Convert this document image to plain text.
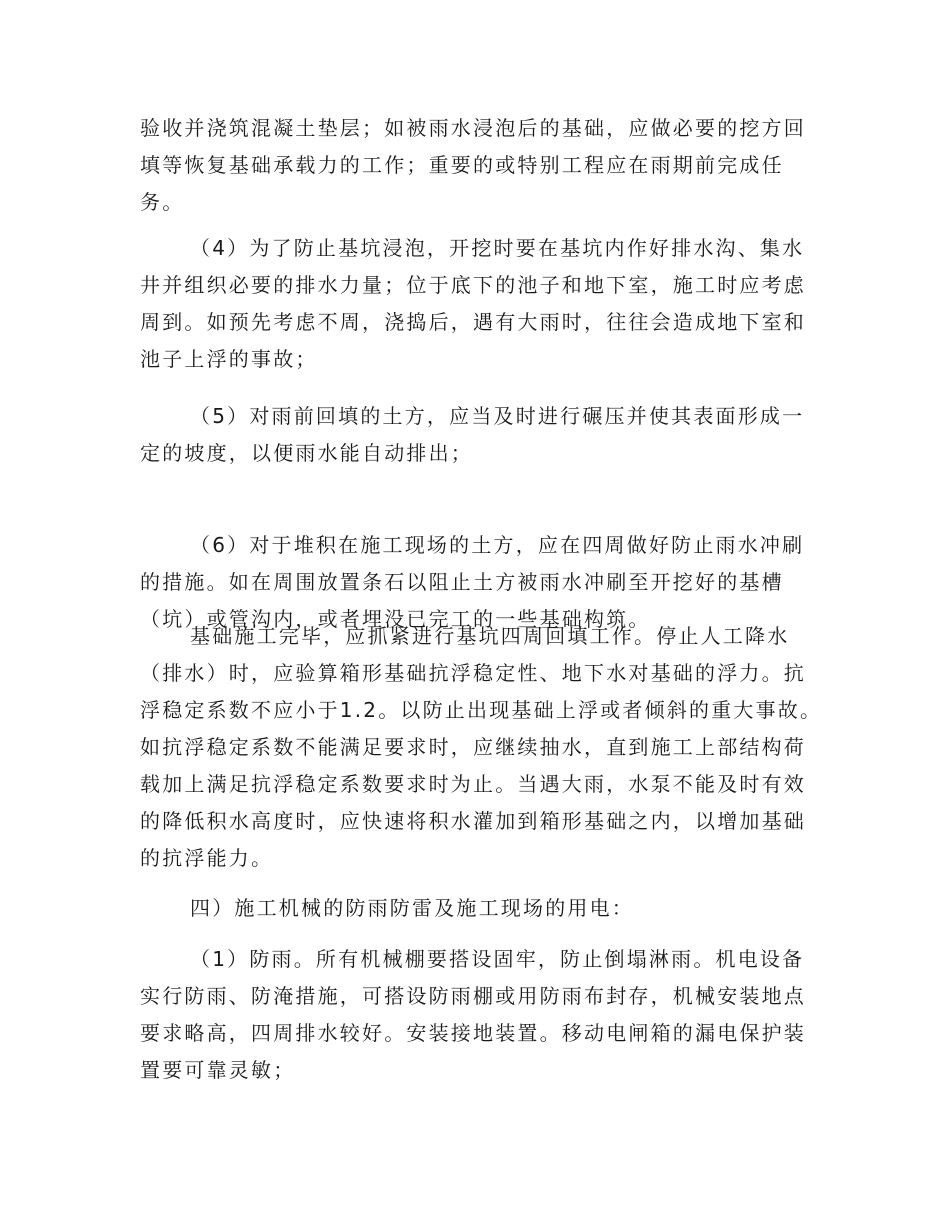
验收并浇筑混凝土垫层；如被雨水浸泡后的基础，应做必要的挖方回
填等恢复基础承载力的工作；重要的或特别工程应在雨期前完成任
务。

（4）为了防止基坑浸泡，开挖时要在基坑内作好排水沟、集水
井并组织必要的排水力量；位于底下的池子和地下室，施工时应考虑
周到。如预先考虑不周，浇捣后，遇有大雨时，往往会造成地下室和
池子上浮的事故；

（5）对雨前回填的土方，应当及时进行碾压并使其表面形成一
定的坡度，以便雨水能自动排出；

（6）对于堆积在施工现场的土方，应在四周做好防止雨水冲刷
的措施。如在周围放置条石以阻止土方被雨水冲刷至开挖好的基槽
（坑）或管沟内，或者埋没已完工的一些基础构筑。

基础施工完毕，应抓紧进行基坑四周回填工作。停止人工降水
（排水）时，应验算箱形基础抗浮稳定性、地下水对基础的浮力。抗
浮稳定系数不应小于1.2。以防止出现基础上浮或者倾斜的重大事故。
如抗浮稳定系数不能满足要求时，应继续抽水，直到施工上部结构荷
载加上满足抗浮稳定系数要求时为止。当遇大雨，水泵不能及时有效
的降低积水高度时，应快速将积水灌加到箱形基础之内，以增加基础
的抗浮能力。

四）施工机械的防雨防雷及施工现场的用电：

（1）防雨。所有机械棚要搭设固牢，防止倒塌淋雨。机电设备
实行防雨、防淹措施，可搭设防雨棚或用防雨布封存，机械安装地点
要求略高，四周排水较好。安装接地装置。移动电闸箱的漏电保护装
置要可靠灵敏；
